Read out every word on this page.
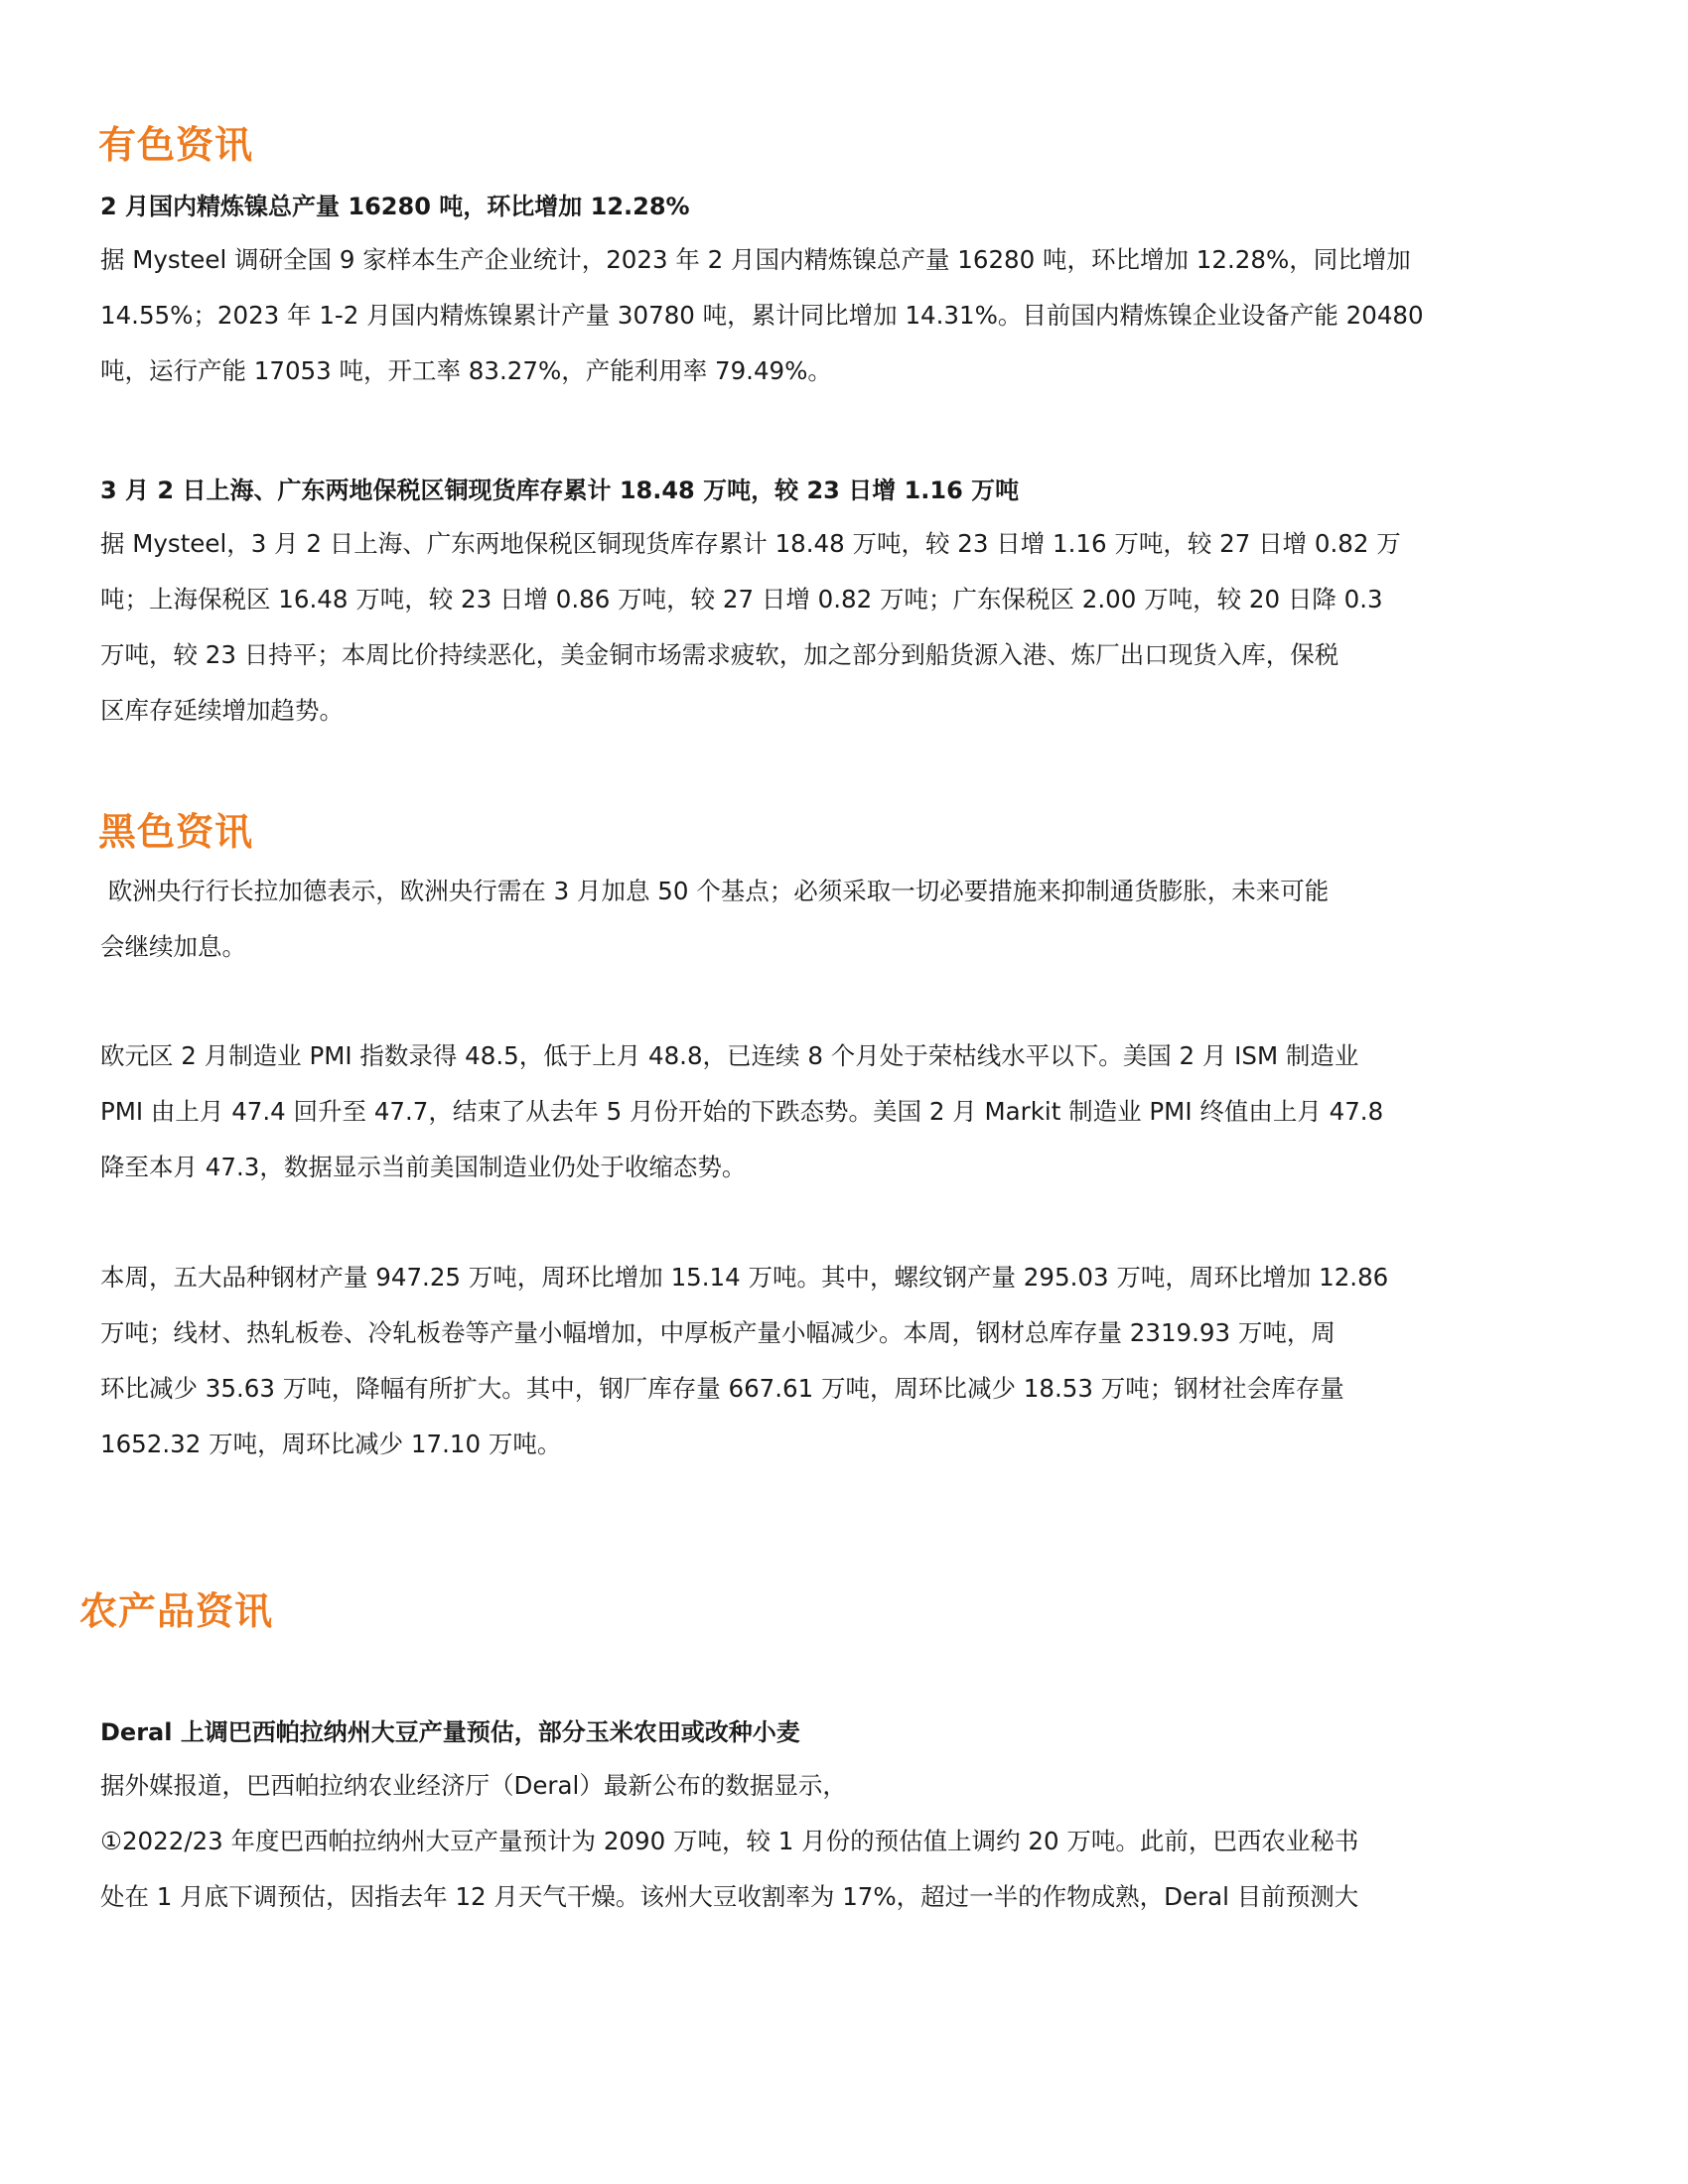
有色资讯
2 月国内精炼镍总产量 16280 吨，环比增加 12.28%

据 Mysteel 调研全国 9 家样本生产企业统计，2023 年 2 月国内精炼镍总产量 16280 吨，环比增加 12.28%，同比增加
14.55%；2023 年 1-2 月国内精炼镍累计产量 30780 吨，累计同比增加 14.31%。目前国内精炼镍企业设备产能 20480
吨，运行产能 17053 吨，开工率 83.27%，产能利用率 79.49%。

3 月 2 日上海、广东两地保税区铜现货库存累计 18.48 万吨，较 23 日增 1.16 万吨

据 Mysteel，3 月 2 日上海、广东两地保税区铜现货库存累计 18.48 万吨，较 23 日增 1.16 万吨，较 27 日增 0.82 万
吨；上海保税区 16.48 万吨，较 23 日增 0.86 万吨，较 27 日增 0.82 万吨；广东保税区 2.00 万吨，较 20 日降 0.3
万吨，较 23 日持平；本周比价持续恶化，美金铜市场需求疲软，加之部分到船货源入港、炼厂出口现货入库，保税
区库存延续增加趋势。

黑色资讯

欧洲央行行长拉加德表示，欧洲央行需在 3 月加息 50 个基点；必须采取一切必要措施来抑制通货膨胀，未来可能
会继续加息。

欧元区 2 月制造业 PMI 指数录得 48.5，低于上月 48.8，已连续 8 个月处于荣枯线水平以下。美国 2 月 ISM 制造业
PMI 由上月 47.4 回升至 47.7，结束了从去年 5 月份开始的下跌态势。美国 2 月 Markit 制造业 PMI 终值由上月 47.8
降至本月 47.3，数据显示当前美国制造业仍处于收缩态势。

本周，五大品种钢材产量 947.25 万吨，周环比增加 15.14 万吨。其中，螺纹钢产量 295.03 万吨，周环比增加 12.86
万吨；线材、热轧板卷、冷轧板卷等产量小幅增加，中厚板产量小幅减少。本周，钢材总库存量 2319.93 万吨，周
环比减少 35.63 万吨，降幅有所扩大。其中，钢厂库存量 667.61 万吨，周环比减少 18.53 万吨；钢材社会库存量
1652.32 万吨，周环比减少 17.10 万吨。

农产品资讯
Deral 上调巴西帕拉纳州大豆产量预估，部分玉米农田或改种小麦

据外媒报道，巴西帕拉纳农业经济厅（Deral）最新公布的数据显示，
①2022/23 年度巴西帕拉纳州大豆产量预计为 2090 万吨，较 1 月份的预估值上调约 20 万吨。此前，巴西农业秘书
处在 1 月底下调预估，因指去年 12 月天气干燥。该州大豆收割率为 17%，超过一半的作物成熟，Deral 目前预测大
